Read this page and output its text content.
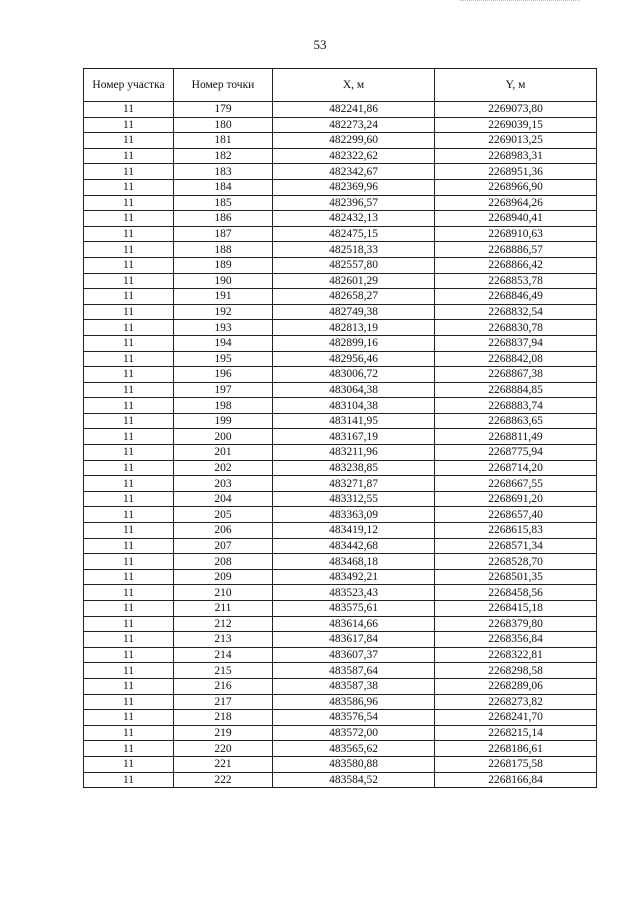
53
Номер участка	Номер точки	X, м	Y, м
11	179	482241,86	2269073,80
11	180	482273,24	2269039,15
11	181	482299,60	2269013,25
11	182	482322,62	2268983,31
11	183	482342,67	2268951,36
11	184	482369,96	2268966,90
11	185	482396,57	2268964,26
11	186	482432,13	2268940,41
11	187	482475,15	2268910,63
11	188	482518,33	2268886,57
11	189	482557,80	2268866,42
11	190	482601,29	2268853,78
11	191	482658,27	2268846,49
11	192	482749,38	2268832,54
11	193	482813,19	2268830,78
11	194	482899,16	2268837,94
11	195	482956,46	2268842,08
11	196	483006,72	2268867,38
11	197	483064,38	2268884,85
11	198	483104,38	2268883,74
11	199	483141,95	2268863,65
11	200	483167,19	2268811,49
11	201	483211,96	2268775,94
11	202	483238,85	2268714,20
11	203	483271,87	2268667,55
11	204	483312,55	2268691,20
11	205	483363,09	2268657,40
11	206	483419,12	2268615,83
11	207	483442,68	2268571,34
11	208	483468,18	2268528,70
11	209	483492,21	2268501,35
11	210	483523,43	2268458,56
11	211	483575,61	2268415,18
11	212	483614,66	2268379,80
11	213	483617,84	2268356,84
11	214	483607,37	2268322,81
11	215	483587,64	2268298,58
11	216	483587,38	2268289,06
11	217	483586,96	2268273,82
11	218	483576,54	2268241,70
11	219	483572,00	2268215,14
11	220	483565,62	2268186,61
11	221	483580,88	2268175,58
11	222	483584,52	2268166,84
